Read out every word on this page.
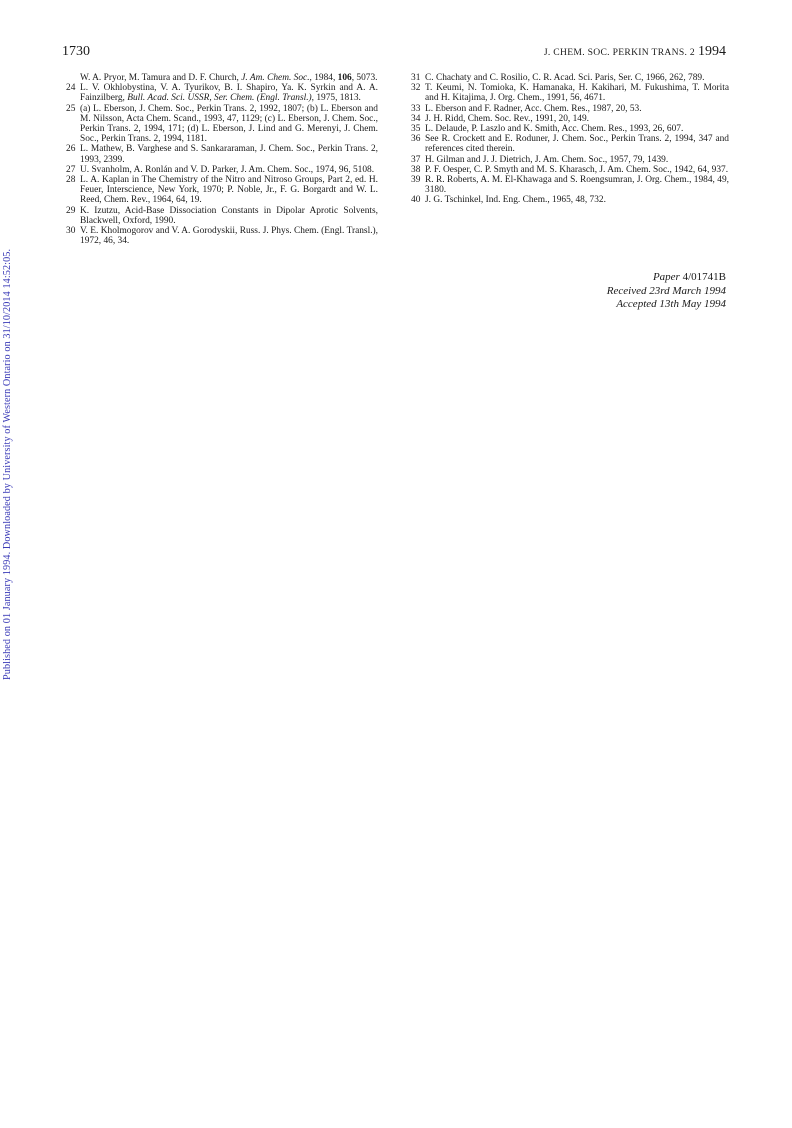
1730	J. CHEM. SOC. PERKIN TRANS. 2 1994
Published on 01 January 1994. Downloaded by University of Western Ontario on 31/10/2014 14:52:05.
W. A. Pryor, M. Tamura and D. F. Church, J. Am. Chem. Soc., 1984, 106, 5073.
24 L. V. Okhlobystina, V. A. Tyurikov, B. I. Shapiro, Ya. K. Syrkin and A. A. Fainzilberg, Bull. Acad. Sci. USSR, Ser. Chem. (Engl. Transl.), 1975, 1813.
25 (a) L. Eberson, J. Chem. Soc., Perkin Trans. 2, 1992, 1807; (b) L. Eberson and M. Nilsson, Acta Chem. Scand., 1993, 47, 1129; (c) L. Eberson, J. Chem. Soc., Perkin Trans. 2, 1994, 171; (d) L. Eberson, J. Lind and G. Merenyi, J. Chem. Soc., Perkin Trans. 2, 1994, 1181.
26 L. Mathew, B. Varghese and S. Sankararaman, J. Chem. Soc., Perkin Trans. 2, 1993, 2399.
27 U. Svanholm, A. Ronlán and V. D. Parker, J. Am. Chem. Soc., 1974, 96, 5108.
28 L. A. Kaplan in The Chemistry of the Nitro and Nitroso Groups, Part 2, ed. H. Feuer, Interscience, New York, 1970; P. Noble, Jr., F. G. Borgardt and W. L. Reed, Chem. Rev., 1964, 64, 19.
29 K. Izutzu, Acid-Base Dissociation Constants in Dipolar Aprotic Solvents, Blackwell, Oxford, 1990.
30 V. E. Kholmogorov and V. A. Gorodyskii, Russ. J. Phys. Chem. (Engl. Transl.), 1972, 46, 34.
31 C. Chachaty and C. Rosilio, C. R. Acad. Sci. Paris, Ser. C, 1966, 262, 789.
32 T. Keumi, N. Tomioka, K. Hamanaka, H. Kakihari, M. Fukushima, T. Morita and H. Kitajima, J. Org. Chem., 1991, 56, 4671.
33 L. Eberson and F. Radner, Acc. Chem. Res., 1987, 20, 53.
34 J. H. Ridd, Chem. Soc. Rev., 1991, 20, 149.
35 L. Delaude, P. Laszlo and K. Smith, Acc. Chem. Res., 1993, 26, 607.
36 See R. Crockett and E. Roduner, J. Chem. Soc., Perkin Trans. 2, 1994, 347 and references cited therein.
37 H. Gilman and J. J. Dietrich, J. Am. Chem. Soc., 1957, 79, 1439.
38 P. F. Oesper, C. P. Smyth and M. S. Kharasch, J. Am. Chem. Soc., 1942, 64, 937.
39 R. R. Roberts, A. M. El-Khawaga and S. Roengsumran, J. Org. Chem., 1984, 49, 3180.
40 J. G. Tschinkel, Ind. Eng. Chem., 1965, 48, 732.
Paper 4/01741B
Received 23rd March 1994
Accepted 13th May 1994
